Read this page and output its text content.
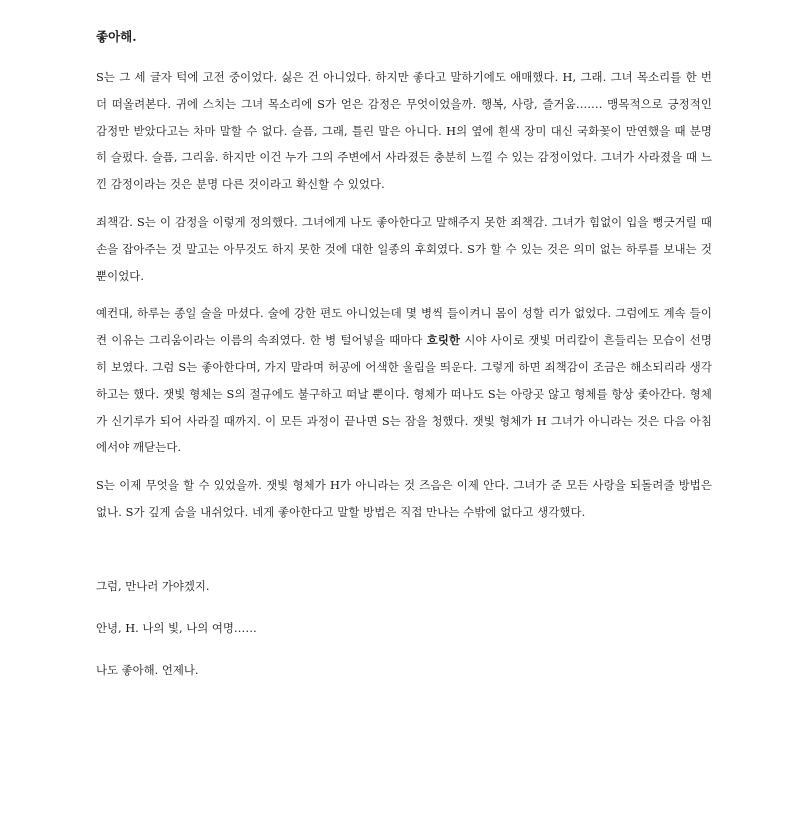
좋아해.

S는 그 세 글자 턱에 고전 중이었다. 싫은 건 아니었다. 하지만 좋다고 말하기에도 애매했다. H, 그래. 그녀 목소리를 한 번 더 떠올려본다. 귀에 스치는 그녀 목소리에 S가 얻은 감정은 무엇이었을까. 행복, 사랑, 즐거움……. 맹목적으로 긍정적인 감정만 받았다고는 차마 말할 수 없다. 슬픔, 그래, 틀린 말은 아니다. H의 옆에 흰색 장미 대신 국화꽃이 만연했을 때 분명히 슬펐다. 슬픔, 그리움. 하지만 이건 누가 그의 주변에서 사라졌든 충분히 느낄 수 있는 감정이었다. 그녀가 사라졌을 때 느낀 감정이라는 것은 분명 다른 것이라고 확신할 수 있었다.

죄책감. S는 이 감정을 이렇게 정의했다. 그녀에게 나도 좋아한다고 말해주지 못한 죄책감. 그녀가 힘없이 입을 뻥긋거릴 때 손을 잡아주는 것 말고는 아무것도 하지 못한 것에 대한 일종의 후회였다. S가 할 수 있는 것은 의미 없는 하루를 보내는 것뿐이었다.

예컨대, 하루는 종일 술을 마셨다. 술에 강한 편도 아니었는데 몇 병씩 들이켜니 몸이 성할 리가 없었다. 그럼에도 계속 들이켠 이유는 그리움이라는 이름의 속죄였다. 한 병 털어넣을 때마다 흐릿한 시야 사이로 잿빛 머리칼이 흔들리는 모습이 선명히 보였다. 그럼 S는 좋아한다며, 가지 말라며 허공에 어색한 울림을 띄운다. 그렇게 하면 죄책감이 조금은 해소되리라 생각하고는 했다. 잿빛 형체는 S의 절규에도 불구하고 떠날 뿐이다. 형체가 떠나도 S는 아랑곳 않고 형체를 항상 좇아간다. 형체가 신기루가 되어 사라질 때까지. 이 모든 과정이 끝나면 S는 잠을 청했다. 잿빛 형체가 H 그녀가 아니라는 것은 다음 아침에서야 깨닫는다.

S는 이제 무엇을 할 수 있었을까. 잿빛 형체가 H가 아니라는 것 즈음은 이제 안다. 그녀가 준 모든 사랑을 되돌려줄 방법은 없나. S가 깊게 숨을 내쉬었다. 네게 좋아한다고 말할 방법은 직접 만나는 수밖에 없다고 생각했다.

그럼, 만나러 가야겠지.

안녕, H. 나의 빛, 나의 여명……

나도 좋아해. 언제나.
